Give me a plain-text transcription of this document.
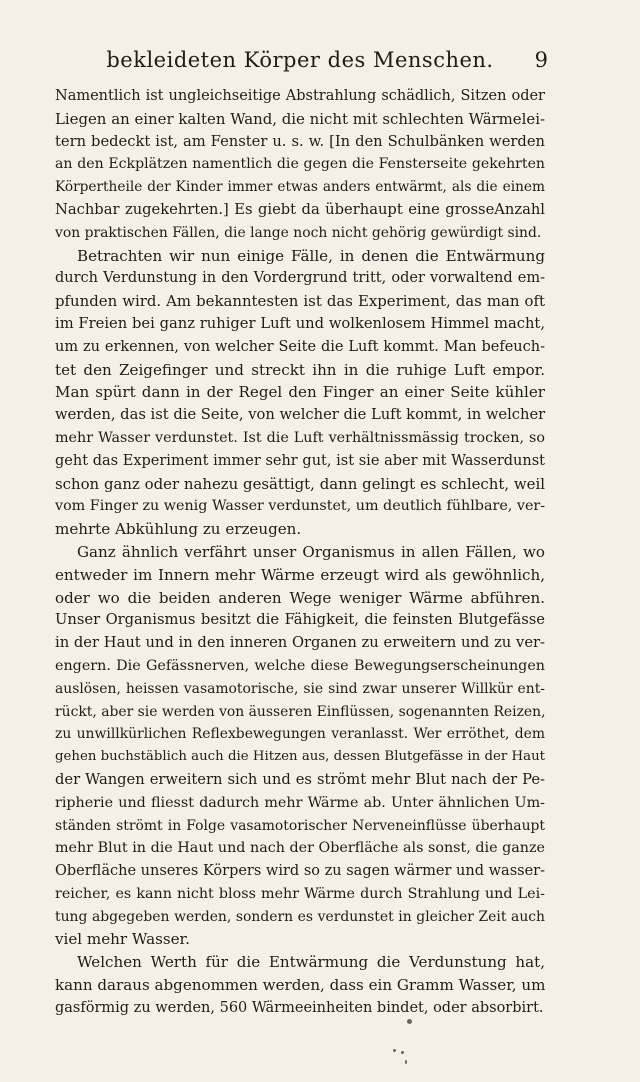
bekleideten Körper des Menschen.	9
Namentlich ist ungleichseitige Abstrahlung schädlich, Sitzen oder
Liegen an einer kalten Wand, die nicht mit schlechten Wärmelei-
tern bedeckt ist, am Fenster u. s. w. [In den Schulbänken werden
an den Eckplätzen namentlich die gegen die Fensterseite gekehrten
Körpertheile der Kinder immer etwas anders entwärmt, als die einem
Nachbar zugekehrten.] Es giebt da überhaupt eine grosseAnzahl
von praktischen Fällen, die lange noch nicht gehörig gewürdigt sind.
Betrachten wir nun einige Fälle, in denen die Entwärmung
durch Verdunstung in den Vordergrund tritt, oder vorwaltend em-
pfunden wird. Am bekanntesten ist das Experiment, das man oft
im Freien bei ganz ruhiger Luft und wolkenlosem Himmel macht,
um zu erkennen, von welcher Seite die Luft kommt. Man befeuch-
tet den Zeigefinger und streckt ihn in die ruhige Luft empor.
Man spürt dann in der Regel den Finger an einer Seite kühler
werden, das ist die Seite, von welcher die Luft kommt, in welcher
mehr Wasser verdunstet. Ist die Luft verhältnissmässig trocken, so
geht das Experiment immer sehr gut, ist sie aber mit Wasserdunst
schon ganz oder nahezu gesättigt, dann gelingt es schlecht, weil
vom Finger zu wenig Wasser verdunstet, um deutlich fühlbare, ver-
mehrte Abkühlung zu erzeugen.
Ganz ähnlich verfährt unser Organismus in allen Fällen, wo
entweder im Innern mehr Wärme erzeugt wird als gewöhnlich,
oder wo die beiden anderen Wege weniger Wärme abführen.
Unser Organismus besitzt die Fähigkeit, die feinsten Blutgefässe
in der Haut und in den inneren Organen zu erweitern und zu ver-
engern. Die Gefässnerven, welche diese Bewegungserscheinungen
auslösen, heissen vasamotorische, sie sind zwar unserer Willkür ent-
rückt, aber sie werden von äusseren Einflüssen, sogenannten Reizen,
zu unwillkürlichen Reflexbewegungen veranlasst. Wer erröthet, dem
gehen buchstäblich auch die Hitzen aus, dessen Blutgefässe in der Haut
der Wangen erweitern sich und es strömt mehr Blut nach der Pe-
ripherie und fliesst dadurch mehr Wärme ab. Unter ähnlichen Um-
ständen strömt in Folge vasamotorischer Nerveneinflüsse überhaupt
mehr Blut in die Haut und nach der Oberfläche als sonst, die ganze
Oberfläche unseres Körpers wird so zu sagen wärmer und wasser-
reicher, es kann nicht bloss mehr Wärme durch Strahlung und Lei-
tung abgegeben werden, sondern es verdunstet in gleicher Zeit auch
viel mehr Wasser.
Welchen Werth für die Entwärmung die Verdunstung hat,
kann daraus abgenommen werden, dass ein Gramm Wasser, um
gasförmig zu werden, 560 Wärmeeinheiten bindet, oder absorbirt.
